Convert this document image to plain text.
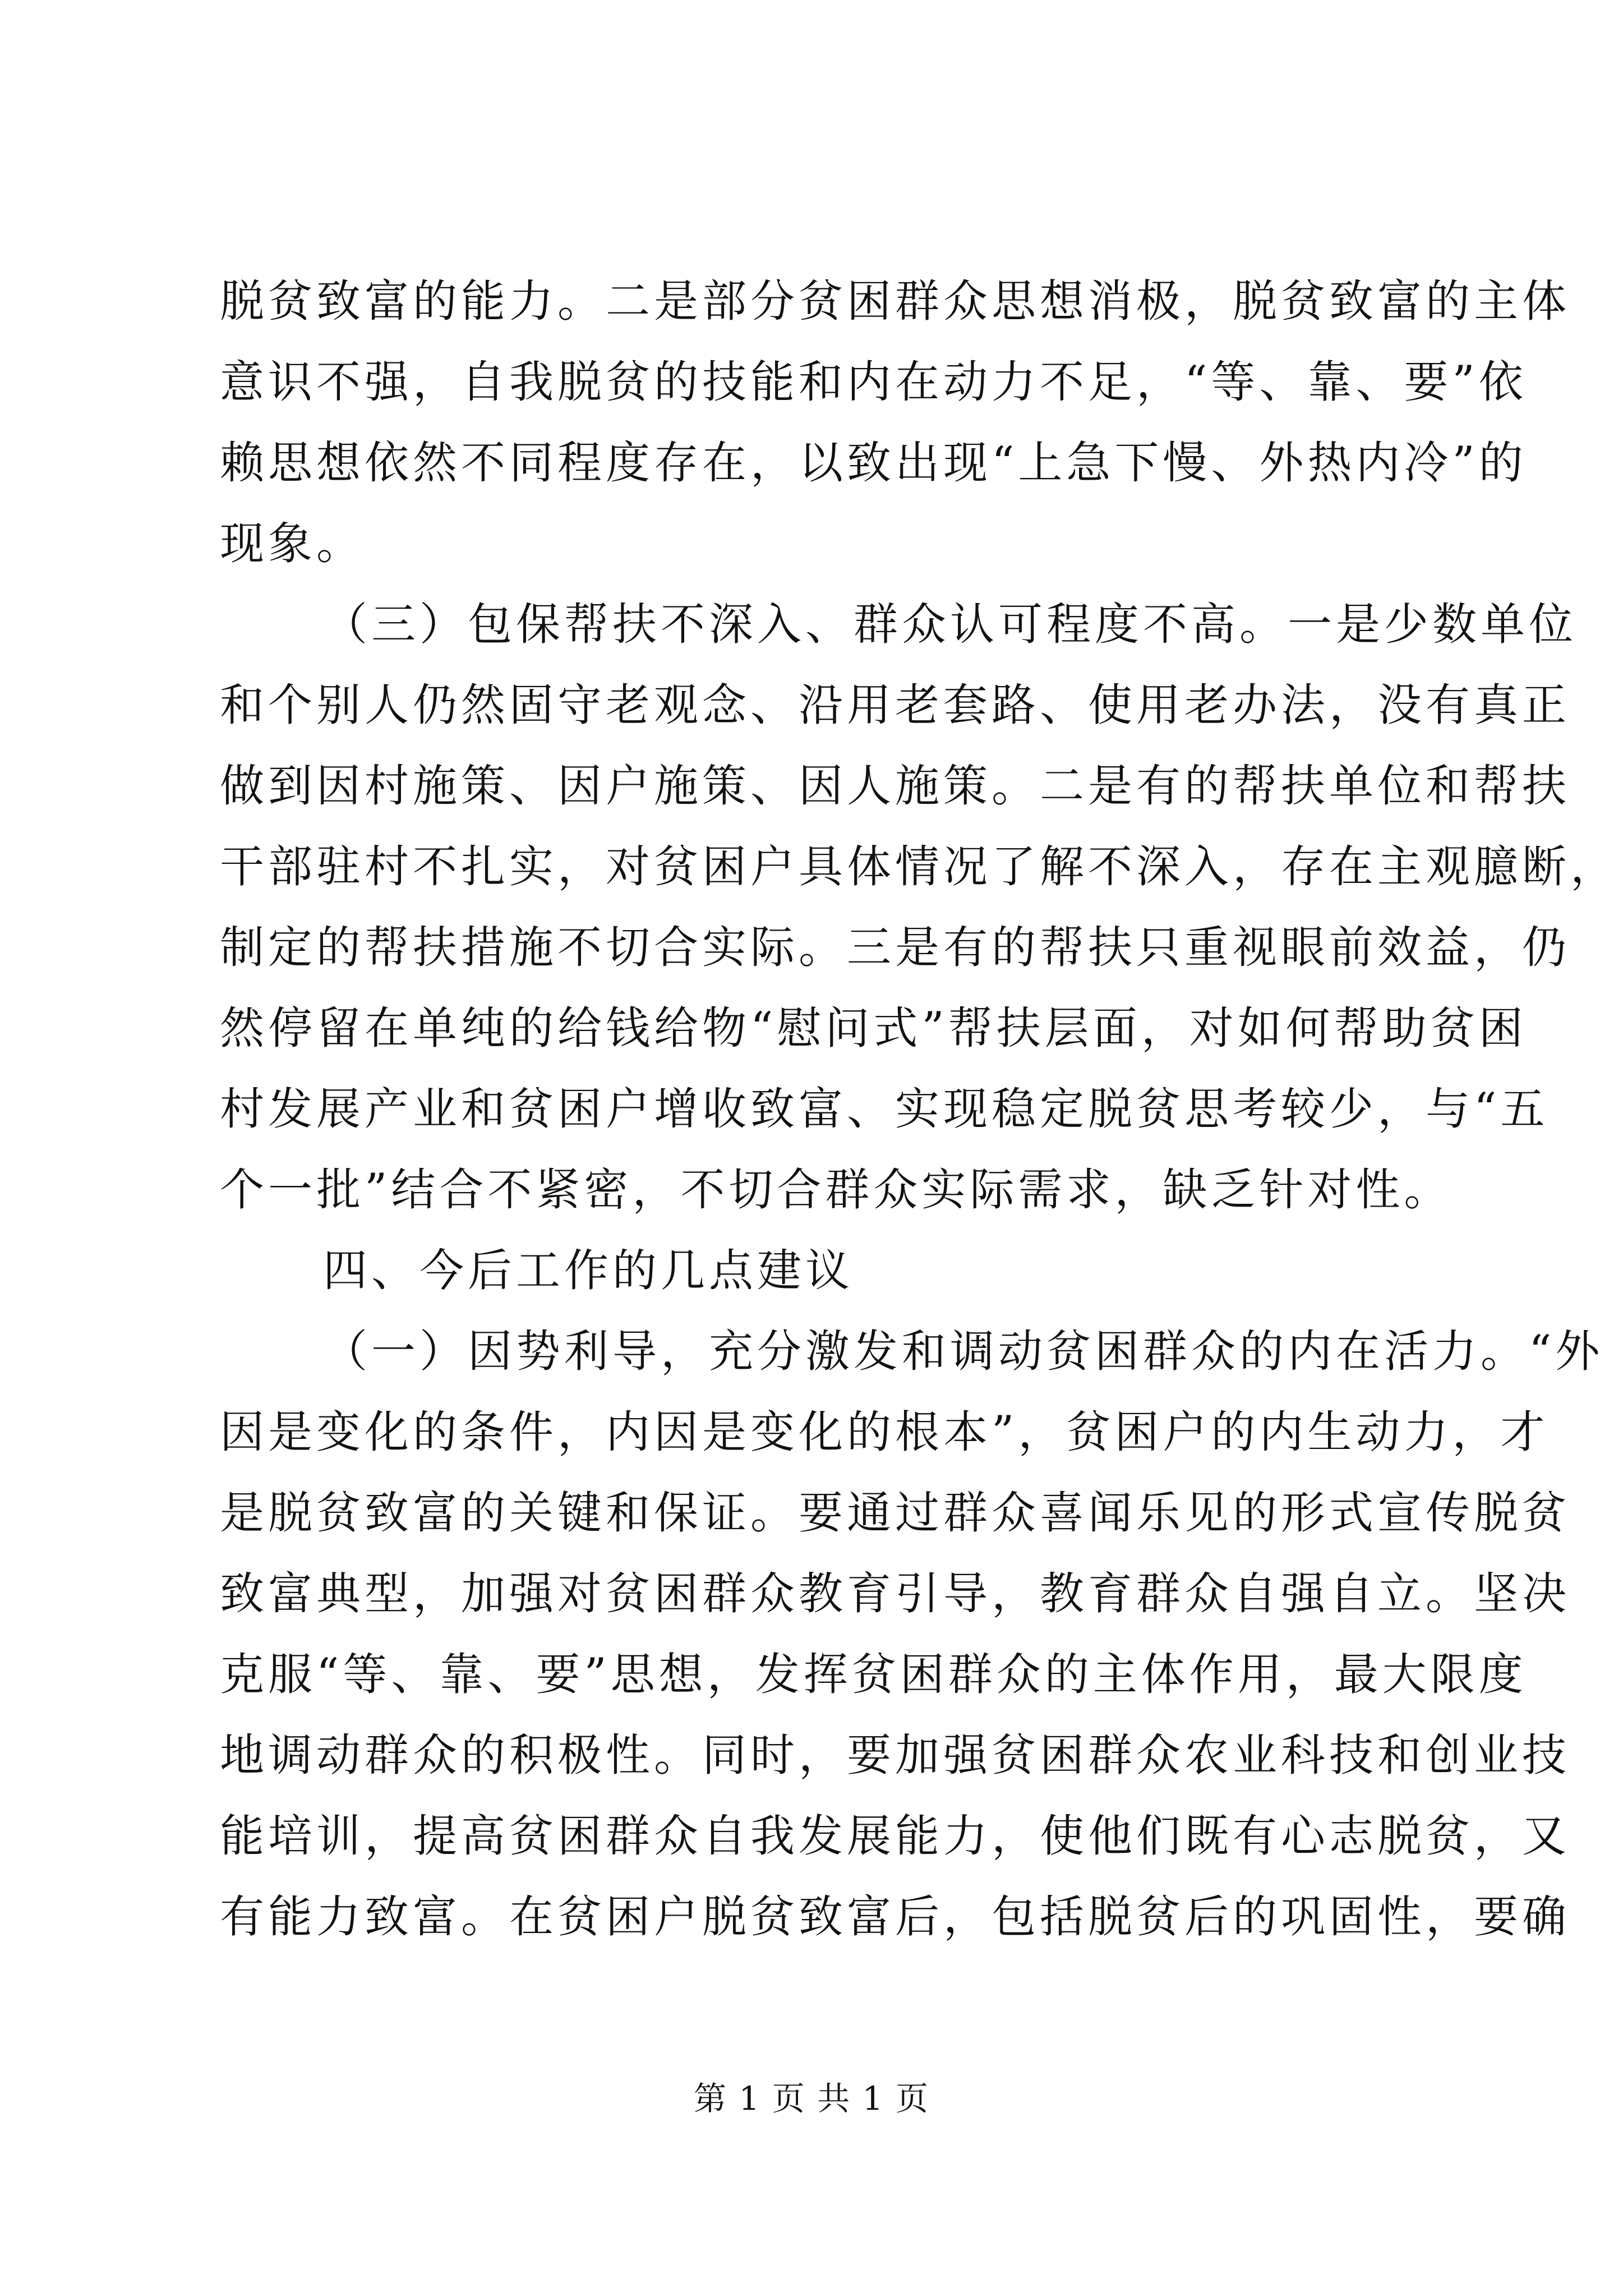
脱贫致富的能力。二是部分贫困群众思想消极，脱贫致富的主体
意识不强，自我脱贫的技能和内在动力不足，“等、靠、要”依
赖思想依然不同程度存在，以致出现“上急下慢、外热内冷”的
现象。
（三）包保帮扶不深入、群众认可程度不高。一是少数单位
和个别人仍然固守老观念、沿用老套路、使用老办法，没有真正
做到因村施策、因户施策、因人施策。二是有的帮扶单位和帮扶
干部驻村不扎实，对贫困户具体情况了解不深入，存在主观臆断，
制定的帮扶措施不切合实际。三是有的帮扶只重视眼前效益，仍
然停留在单纯的给钱给物“慰问式”帮扶层面，对如何帮助贫困
村发展产业和贫困户增收致富、实现稳定脱贫思考较少，与“五
个一批”结合不紧密，不切合群众实际需求，缺乏针对性。
四、今后工作的几点建议
（一）因势利导，充分激发和调动贫困群众的内在活力。“外
因是变化的条件，内因是变化的根本”，贫困户的内生动力，才
是脱贫致富的关键和保证。要通过群众喜闻乐见的形式宣传脱贫
致富典型，加强对贫困群众教育引导，教育群众自强自立。坚决
克服“等、靠、要”思想，发挥贫困群众的主体作用，最大限度
地调动群众的积极性。同时，要加强贫困群众农业科技和创业技
能培训，提高贫困群众自我发展能力，使他们既有心志脱贫，又
有能力致富。在贫困户脱贫致富后，包括脱贫后的巩固性，要确
第 1 页 共 1 页
